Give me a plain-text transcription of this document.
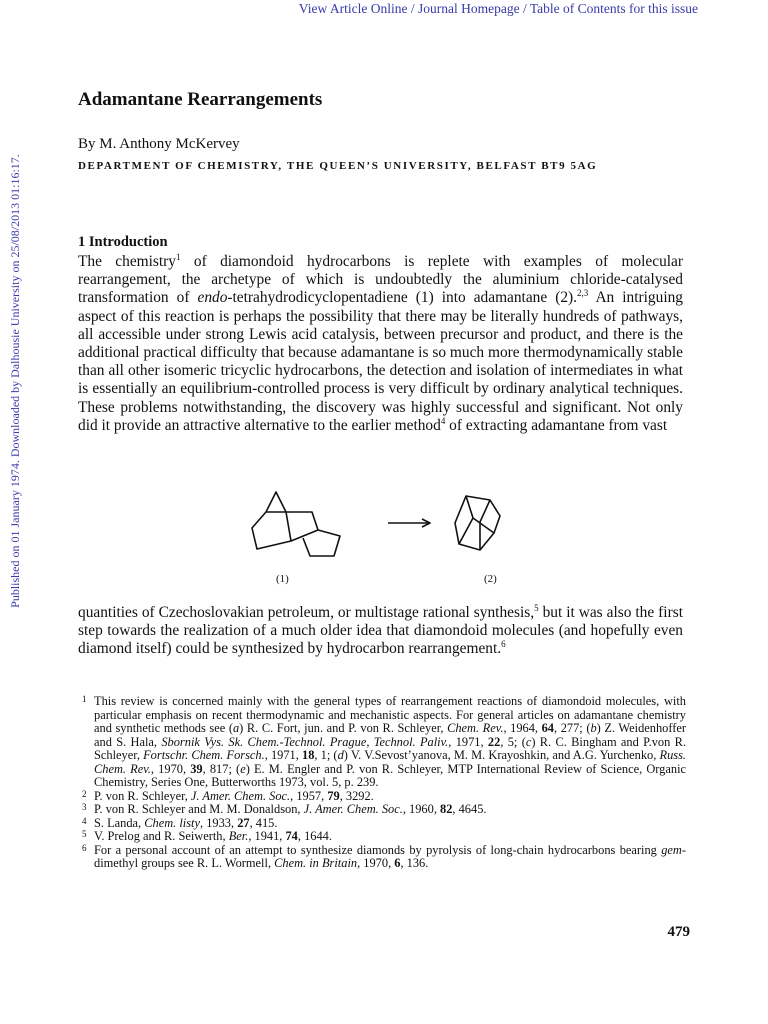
View Article Online / Journal Homepage / Table of Contents for this issue
Published on 01 January 1974. Downloaded by Dalhousie University on 25/08/2013 01:16:17.
Adamantane Rearrangements
By M. Anthony McKervey
DEPARTMENT OF CHEMISTRY, THE QUEEN’S UNIVERSITY, BELFAST BT9 5AG
1 Introduction

The chemistry$^1$ of diamondoid hydrocarbons is replete with examples of molecular rearrangement, the archetype of which is undoubtedly the aluminium chloride-catalysed transformation of endo-tetrahydrodicyclopentadiene (1) into adamantane (2).$^{2,3}$ An intriguing aspect of this reaction is perhaps the possibility that there may be literally hundreds of pathways, all accessible under strong Lewis acid catalysis, between precursor and product, and there is the additional practical difficulty that because adamantane is so much more thermodynamically stable than all other isomeric tricyclic hydrocarbons, the detection and isolation of intermediates in what is essentially an equilibrium-controlled process is very difficult by ordinary analytical techniques. These problems notwithstanding, the discovery was highly successful and significant. Not only did it provide an attractive alternative to the earlier method$^4$ of extracting adamantane from vast

(1)	(2)

quantities of Czechoslovakian petroleum, or multistage rational synthesis,$^5$ but it was also the first step towards the realization of a much older idea that diamondoid molecules (and hopefully even diamond itself) could be synthesized by hydrocarbon rearrangement.$^6$

1 This review is concerned mainly with the general types of rearrangement reactions of diamondoid molecules, with particular emphasis on recent thermodynamic and mechanistic aspects. For general articles on adamantane chemistry and synthetic methods see (a) R. C. Fort, jun. and P. von R. Schleyer, Chem. Rev., 1964, 64, 277; (b) Z. Weidenhoffer and S. Hala, Sbornik Vys. Sk. Chem.-Technol. Prague, Technol. Paliv., 1971, 22, 5; (c) R. C. Bingham and P.von R. Schleyer, Fortschr. Chem. Forsch., 1971, 18, 1; (d) V. V.Sevost’yanova, M. M. Krayoshkin, and A.G. Yurchenko, Russ. Chem. Rev., 1970, 39, 817; (e) E. M. Engler and P. von R. Schleyer, MTP International Review of Science, Organic Chemistry, Series One, Butterworths 1973, vol. 5, p. 239.
2 P. von R. Schleyer, J. Amer. Chem. Soc., 1957, 79, 3292.
3 P. von R. Schleyer and M. M. Donaldson, J. Amer. Chem. Soc., 1960, 82, 4645.
4 S. Landa, Chem. listy, 1933, 27, 415.
5 V. Prelog and R. Seiwerth, Ber., 1941, 74, 1644.
6 For a personal account of an attempt to synthesize diamonds by pyrolysis of long-chain hydrocarbons bearing gem-dimethyl groups see R. L. Wormell, Chem. in Britain, 1970, 6, 136.
479
